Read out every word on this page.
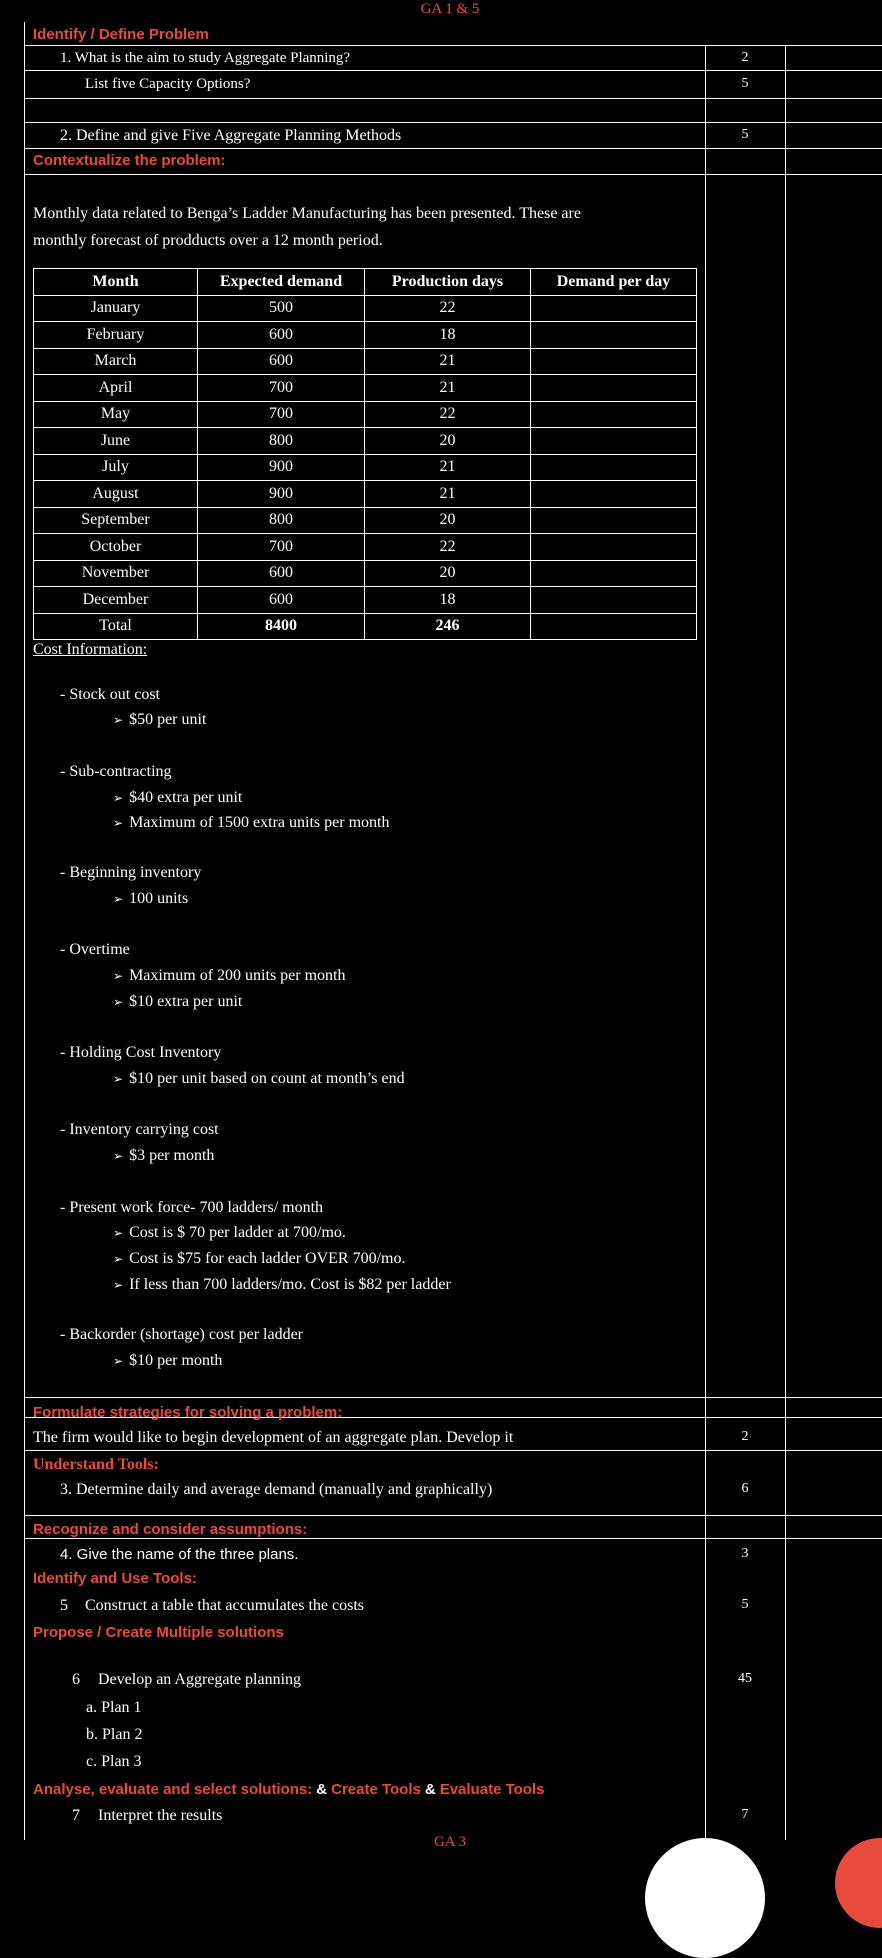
GA 1 & 5
Identify / Define Problem
1. What is the aim to study Aggregate Planning?	2
List five Capacity Options?	5
2. Define and give Five Aggregate Planning Methods	5
Contextualize the problem:
Monthly data related to Benga’s Ladder Manufacturing has been presented. These are
monthly forecast of prodducts over a 12 month period.
Month	Expected demand	Production days	Demand per day
January	500	22	
February	600	18	
March	600	21	
April	700	21	
May	700	22	
June	800	20	
July	900	21	
August	900	21	
September	800	20	
October	700	22	
November	600	20	
December	600	18	
Total	8400	246	
Cost Information:
- Stock out cost
➢ $50 per unit
- Sub-contracting
➢ $40 extra per unit
➢ Maximum of 1500 extra units per month
- Beginning inventory
➢ 100 units
- Overtime
➢ Maximum of 200 units per month
➢ $10 extra per unit
- Holding Cost Inventory
➢ $10 per unit based on count at month’s end
- Inventory carrying cost
➢ $3 per month
- Present work force- 700 ladders/ month
➢ Cost is $ 70 per ladder at 700/mo.
➢ Cost is $75 for each ladder OVER 700/mo.
➢ If less than 700 ladders/mo. Cost is $82 per ladder
- Backorder (shortage) cost per ladder
➢ $10 per month
Formulate strategies for solving a problem:
The firm would like to begin development of an aggregate plan. Develop it	2
Understand Tools:
3. Determine daily and average demand (manually and graphically)	6
Recognize and consider assumptions:
4. Give the name of the three plans.	3
Identify and Use Tools:
5 Construct a table that accumulates the costs	5
Propose / Create Multiple solutions
6 Develop an Aggregate planning	45
a. Plan 1
b. Plan 2
c. Plan 3
Analyse, evaluate and select solutions: & Create Tools & Evaluate Tools
7 Interpret the results	7
GA 3
